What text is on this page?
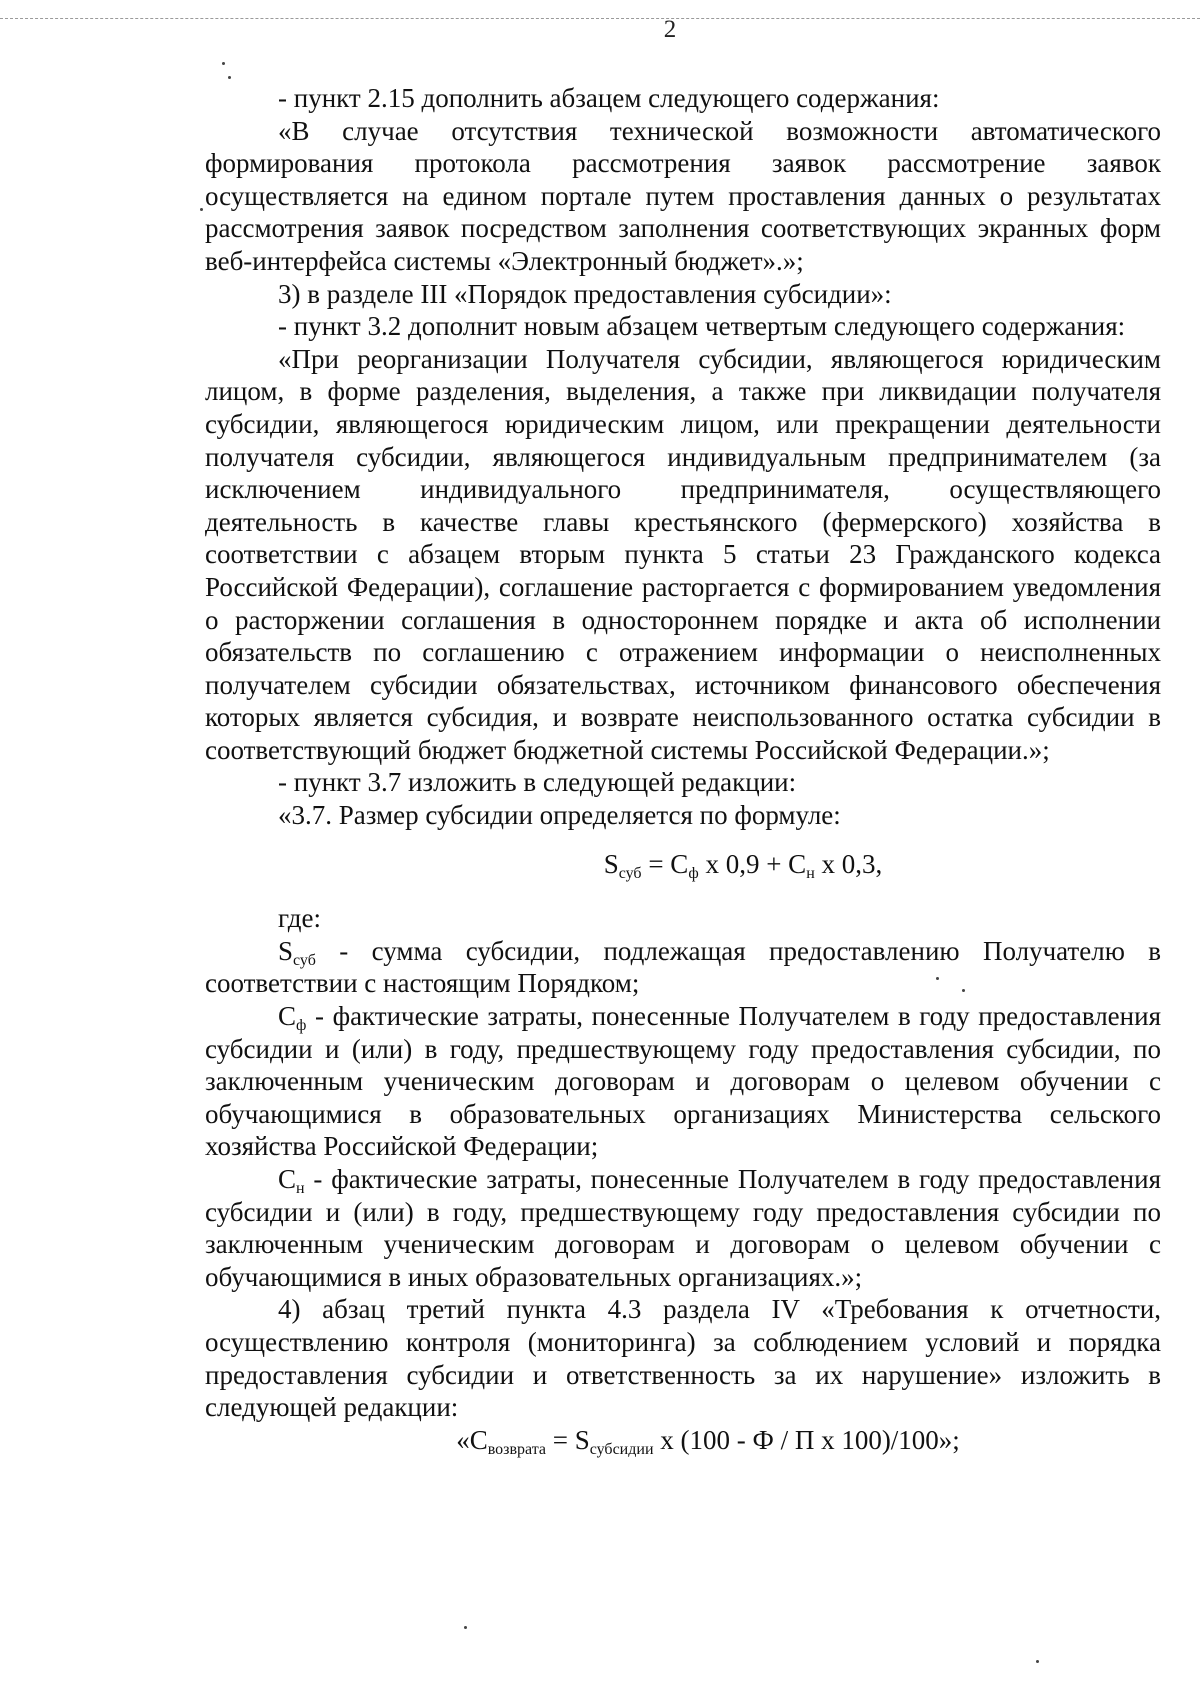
2

- пункт 2.15 дополнить абзацем следующего содержания:

«В случае отсутствия технической возможности автоматического формирования протокола рассмотрения заявок рассмотрение заявок осуществляется на едином портале путем проставления данных о результатах рассмотрения заявок посредством заполнения соответствующих экранных форм веб-интерфейса системы «Электронный бюджет».»;

3) в разделе III «Порядок предоставления субсидии»:

- пункт 3.2 дополнит новым абзацем четвертым следующего содержания:

«При реорганизации Получателя субсидии, являющегося юридическим лицом, в форме разделения, выделения, а также при ликвидации получателя субсидии, являющегося юридическим лицом, или прекращении деятельности получателя субсидии, являющегося индивидуальным предпринимателем (за исключением индивидуального предпринимателя, осуществляющего деятельность в качестве главы крестьянского (фермерского) хозяйства в соответствии с абзацем вторым пункта 5 статьи 23 Гражданского кодекса Российской Федерации), соглашение расторгается с формированием уведомления о расторжении соглашения в одностороннем порядке и акта об исполнении обязательств по соглашению с отражением информации о неисполненных получателем субсидии обязательствах, источником финансового обеспечения которых является субсидия, и возврате неиспользованного остатка субсидии в соответствующий бюджет бюджетной системы Российской Федерации.»;

- пункт 3.7 изложить в следующей редакции:

«3.7. Размер субсидии определяется по формуле:

$S_{суб} = С_ф$ х $0,9 + С_н$ х 0,3,

где:

$S_{суб}$ - сумма субсидии, подлежащая предоставлению Получателю в соответствии с настоящим Порядком;

$С_ф$ - фактические затраты, понесенные Получателем в году предоставления субсидии и (или) в году, предшествующему году предоставления субсидии, по заключенным ученическим договорам и договорам о целевом обучении с обучающимися в образовательных организациях Министерства сельского хозяйства Российской Федерации;

$С_н$ - фактические затраты, понесенные Получателем в году предоставления субсидии и (или) в году, предшествующему году предоставления субсидии по заключенным ученическим договорам и договорам о целевом обучении с обучающимися в иных образовательных организациях.»;

4) абзац третий пункта 4.3 раздела IV «Требования к отчетности, осуществлению контроля (мониторинга) за соблюдением условий и порядка предоставления субсидии и ответственность за их нарушение» изложить в следующей редакции:

«$С_{возврата} = S_{субсидии}$ х (100 - Ф / П х 100)/100»;
